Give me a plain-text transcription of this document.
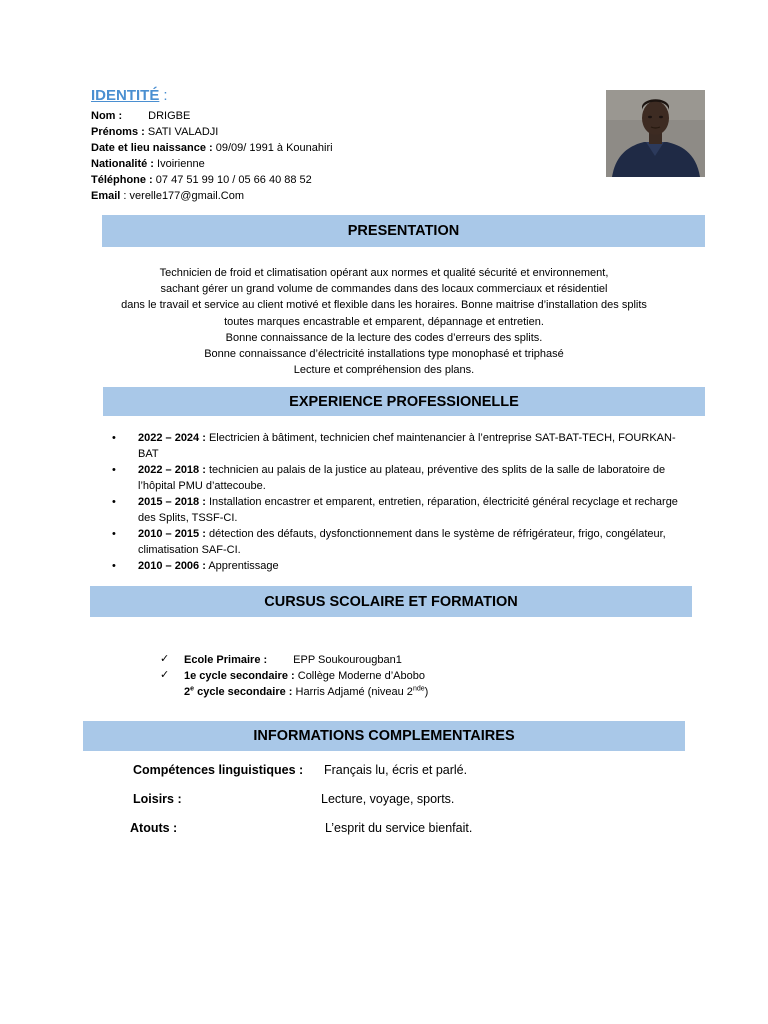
IDENTITÉ :
Nom : DRIGBE
Prénoms : SATI VALADJI
Date et lieu naissance : 09/09/ 1991 à Kounahiri
Nationalité : Ivoirienne
Téléphone : 07 47 51 99 10 / 05 66 40 88 52
Email : verelle177@gmail.Com
PRESENTATION
Technicien de froid et climatisation opérant aux normes et qualité sécurité et environnement,
sachant gérer un grand volume de commandes dans des locaux commerciaux et résidentiel
dans le travail et service au client motivé et flexible dans les horaires. Bonne maitrise d’installation des splits
toutes marques encastrable et emparent, dépannage et entretien.
Bonne connaissance de la lecture des codes d’erreurs des splits.
Bonne connaissance d’électricité installations type monophasé et triphasé
Lecture et compréhension des plans.
EXPERIENCE PROFESSIONELLE
• 2022 – 2024 : Electricien à bâtiment, technicien chef maintenancier à l’entreprise SAT-BAT-TECH, FOURKAN-BAT
• 2022 – 2018 : technicien au palais de la justice au plateau, préventive des splits de la salle de laboratoire de l’hôpital PMU d’attecoube.
• 2015 – 2018 : Installation encastrer et emparent, entretien, réparation, électricité général recyclage et recharge des Splits, TSSF-CI.
• 2010 – 2015 : détection des défauts, dysfonctionnement dans le système de réfrigérateur, frigo, congélateur, climatisation SAF-CI.
• 2010 – 2006 : Apprentissage
CURSUS SCOLAIRE ET FORMATION
✓ Ecole Primaire : EPP Soukourougban1
✓ 1e cycle secondaire : Collège Moderne d’Abobo
2e cycle secondaire : Harris Adjamé (niveau 2nde)
INFORMATIONS COMPLEMENTAIRES
Compétences linguistiques : Français lu, écris et parlé.
Loisirs :	Lecture, voyage, sports.
Atouts :	L’esprit du service bienfait.
